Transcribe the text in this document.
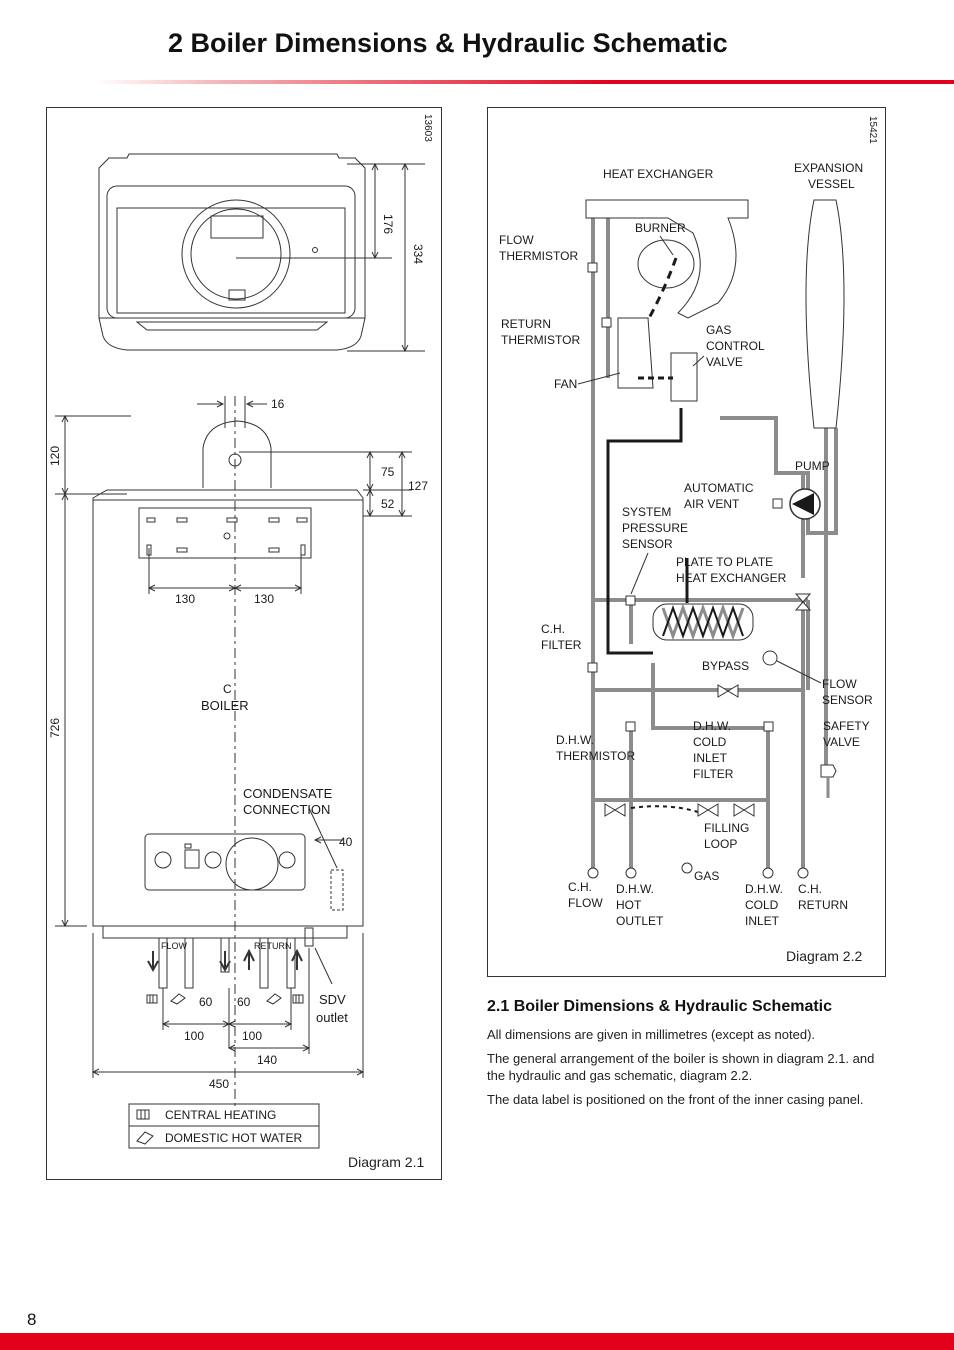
2 Boiler Dimensions & Hydraulic Schematic
13603
176
334
16
120
726
75
52
127
130	130
C
BOILER
CONDENSATE
CONNECTION
40
FLOW	RETURN
SDV
outlet
60 60
100	100
140
450
CENTRAL HEATING
DOMESTIC HOT WATER
Diagram 2.1
15421
HEAT EXCHANGER
BURNER
FAN
GAS
CONTROL
VALVE
EXPANSION
VESSEL
FLOW
THERMISTOR
RETURN
THERMISTOR
PUMP
AUTOMATIC
AIR VENT
SYSTEM
PRESSURE
SENSOR
PLATE TO PLATE
HEAT EXCHANGER
C.H.
FILTER
BYPASS
FLOW
SENSOR
D.H.W.
THERMISTOR
D.H.W.
COLD
INLET
FILTER
SAFETY
VALVE
FILLING
LOOP
C.H.
FLOW
D.H.W.
HOT
OUTLET
GAS
D.H.W.
COLD
INLET
C.H.
RETURN
Diagram 2.2
2.1 Boiler Dimensions & Hydraulic Schematic

All dimensions are given in millimetres (except as noted).

The general arrangement of the boiler is shown in diagram 2.1. and the hydraulic and gas schematic, diagram 2.2.

The data label is positioned on the front of the inner casing panel.

8
